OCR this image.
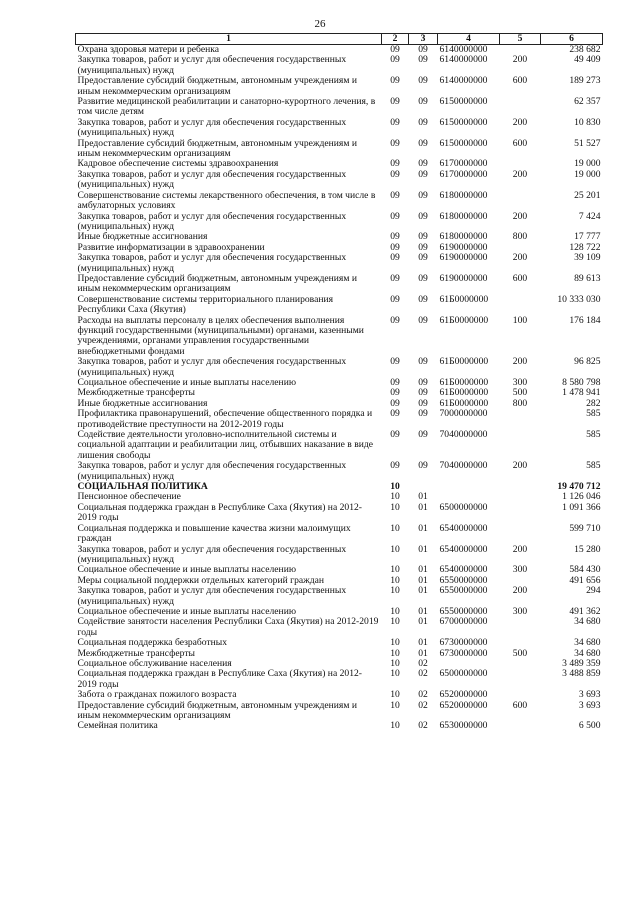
26
1	2	3	4	5	6
Охрана здоровья матери и ребенка	09	09	6140000000		238 682
Закупка товаров, работ и услуг для обеспечения государственных (муниципальных) нужд	09	09	6140000000	200	49 409
Предоставление субсидий бюджетным, автономным учреждениям и иным некоммерческим организациям	09	09	6140000000	600	189 273
Развитие медицинской реабилитации и санаторно-курортного лечения, в том числе детям	09	09	6150000000		62 357
Закупка товаров, работ и услуг для обеспечения государственных (муниципальных) нужд	09	09	6150000000	200	10 830
Предоставление субсидий бюджетным, автономным учреждениям и иным некоммерческим организациям	09	09	6150000000	600	51 527
Кадровое обеспечение системы здравоохранения	09	09	6170000000		19 000
Закупка товаров, работ и услуг для обеспечения государственных (муниципальных) нужд	09	09	6170000000	200	19 000
Совершенствование системы лекарственного обеспечения, в том числе в амбулаторных условиях	09	09	6180000000		25 201
Закупка товаров, работ и услуг для обеспечения государственных (муниципальных) нужд	09	09	6180000000	200	7 424
Иные бюджетные ассигнования	09	09	6180000000	800	17 777
Развитие информатизации в здравоохранении	09	09	6190000000		128 722
Закупка товаров, работ и услуг для обеспечения государственных (муниципальных) нужд	09	09	6190000000	200	39 109
Предоставление субсидий бюджетным, автономным учреждениям и иным некоммерческим организациям	09	09	6190000000	600	89 613
Совершенствование системы территориального планирования Республики Саха (Якутия)	09	09	61Б0000000		10 333 030
Расходы на выплаты персоналу в целях обеспечения выполнения функций государственными (муниципальными) органами, казенными учреждениями, органами управления государственными внебюджетными фондами	09	09	61Б0000000	100	176 184
Закупка товаров, работ и услуг для обеспечения государственных (муниципальных) нужд	09	09	61Б0000000	200	96 825
Социальное обеспечение и иные выплаты населению	09	09	61Б0000000	300	8 580 798
Межбюджетные трансферты	09	09	61Б0000000	500	1 478 941
Иные бюджетные ассигнования	09	09	61Б0000000	800	282
Профилактика правонарушений, обеспечение общественного порядка и противодействие преступности на 2012-2019 годы	09	09	7000000000		585
Содействие деятельности уголовно-исполнительной системы и социальной адаптации и реабилитации лиц, отбывших наказание в виде лишения свободы	09	09	7040000000		585
Закупка товаров, работ и услуг для обеспечения государственных (муниципальных) нужд	09	09	7040000000	200	585
СОЦИАЛЬНАЯ ПОЛИТИКА	10				19 470 712
Пенсионное обеспечение	10	01			1 126 046
Социальная поддержка граждан в Республике Саха (Якутия) на 2012-2019 годы	10	01	6500000000		1 091 366
Социальная поддержка и повышение качества жизни малоимущих граждан	10	01	6540000000		599 710
Закупка товаров, работ и услуг для обеспечения государственных (муниципальных) нужд	10	01	6540000000	200	15 280
Социальное обеспечение и иные выплаты населению	10	01	6540000000	300	584 430
Меры социальной поддержки отдельных категорий граждан	10	01	6550000000		491 656
Закупка товаров, работ и услуг для обеспечения государственных (муниципальных) нужд	10	01	6550000000	200	294
Социальное обеспечение и иные выплаты населению	10	01	6550000000	300	491 362
Содействие занятости населения Республики Саха (Якутия) на 2012-2019 годы	10	01	6700000000		34 680
Социальная поддержка безработных	10	01	6730000000		34 680
Межбюджетные трансферты	10	01	6730000000	500	34 680
Социальное обслуживание населения	10	02			3 489 359
Социальная поддержка граждан в Республике Саха (Якутия) на 2012-2019 годы	10	02	6500000000		3 488 859
Забота о гражданах пожилого возраста	10	02	6520000000		3 693
Предоставление субсидий бюджетным, автономным учреждениям и иным некоммерческим организациям	10	02	6520000000	600	3 693
Семейная политика	10	02	6530000000		6 500
